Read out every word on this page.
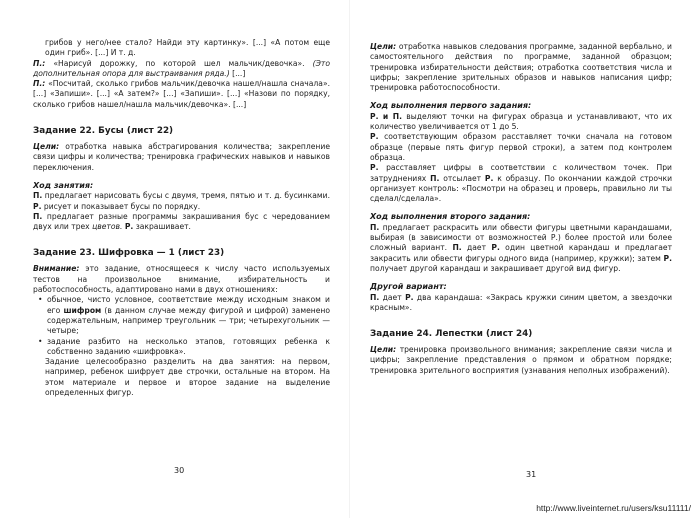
грибов у него/нее стало? Найди эту картинку». [...] «А потом еще один гриб». [...] И т. д.

П.: «Нарисуй дорожку, по которой шел мальчик/девочка». (Это дополнительная опора для выстраивания ряда.) [...]

П.: «Посчитай, сколько грибов мальчик/девочка нашел/нашла сначала». [...] «Запиши». [...] «А затем?» [...] «Запиши». [...] «Назови по порядку, сколько грибов нашел/нашла мальчик/девочка». [...]

Задание 22. Бусы (лист 22)

Цели: отработка навыка абстрагирования количества; закрепление связи цифры и количества; тренировка графических навыков и навыков переключения.

Ход занятия:

П. предлагает нарисовать бусы с двумя, тремя, пятью и т. д. бусинками. Р. рисует и показывает бусы по порядку.

П. предлагает разные программы закрашивания бус с чередованием двух или трех цветов. Р. закрашивает.

Задание 23. Шифровка — 1 (лист 23)

Внимание: это задание, относящееся к числу часто используемых тестов на произвольное внимание, избирательность и работоспособность, адаптировано нами в двух отношениях:

• обычное, чисто условное, соответствие между исходным знаком и его шифром (в данном случае между фигурой и цифрой) заменено содержательным, например треугольник — три; четырехугольник — четыре;

• задание разбито на несколько этапов, готовящих ребенка к собственно заданию «шифровка».

Задание целесообразно разделить на два занятия: на первом, например, ребенок шифрует две строчки, остальные на втором. На этом материале и первое и второе задание на выделение определенных фигур.

30

Цели: отработка навыков следования программе, заданной вербально, и самостоятельного действия по программе, заданной образцом; тренировка избирательности действия; отработка соответствия числа и цифры; закрепление зрительных образов и навыков написания цифр; тренировка работоспособности.

Ход выполнения первого задания:

Р. и П. выделяют точки на фигурах образца и устанавливают, что их количество увеличивается от 1 до 5.

Р. соответствующим образом расставляет точки сначала на готовом образце (первые пять фигур первой строки), а затем под контролем образца.

Р. расставляет цифры в соответствии с количеством точек. При затруднениях П. отсылает Р. к образцу. По окончании каждой строчки организует контроль: «Посмотри на образец и проверь, правильно ли ты сделал/сделала».

Ход выполнения второго задания:

П. предлагает раскрасить или обвести фигуры цветными карандашами, выбирая (в зависимости от возможностей Р.) более простой или более сложный вариант. П. дает Р. один цветной карандаш и предлагает закрасить или обвести фигуры одного вида (например, кружки); затем Р. получает другой карандаш и закрашивает другой вид фигур.

Другой вариант:

П. дает Р. два карандаша: «Закрась кружки синим цветом, а звездочки красным».

Задание 24. Лепестки (лист 24)

Цели: тренировка произвольного внимания; закрепление связи числа и цифры; закрепление представления о прямом и обратном порядке; тренировка зрительного восприятия (узнавания неполных изображений).

31
http://www.liveinternet.ru/users/ksu11111/
